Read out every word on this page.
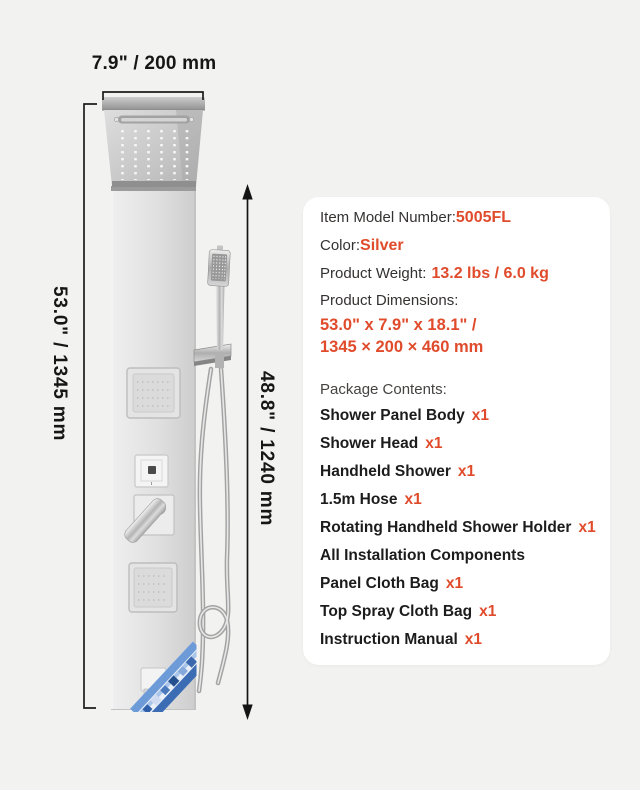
7.9" / 200 mm
53.0" / 1345 mm
48.8" / 1240 mm
Item Model Number:5005FL
Color:Silver
Product Weight: 13.2 lbs / 6.0 kg
Product Dimensions:
53.0" x 7.9" x 18.1" /
1345 × 200 × 460 mm
Package Contents:
Shower Panel Body x1
Shower Head x1
Handheld Shower x1
1.5m Hose x1
Rotating Handheld Shower Holder x1
All Installation Components
Panel Cloth Bag x1
Top Spray Cloth Bag x1
Instruction Manual x1
